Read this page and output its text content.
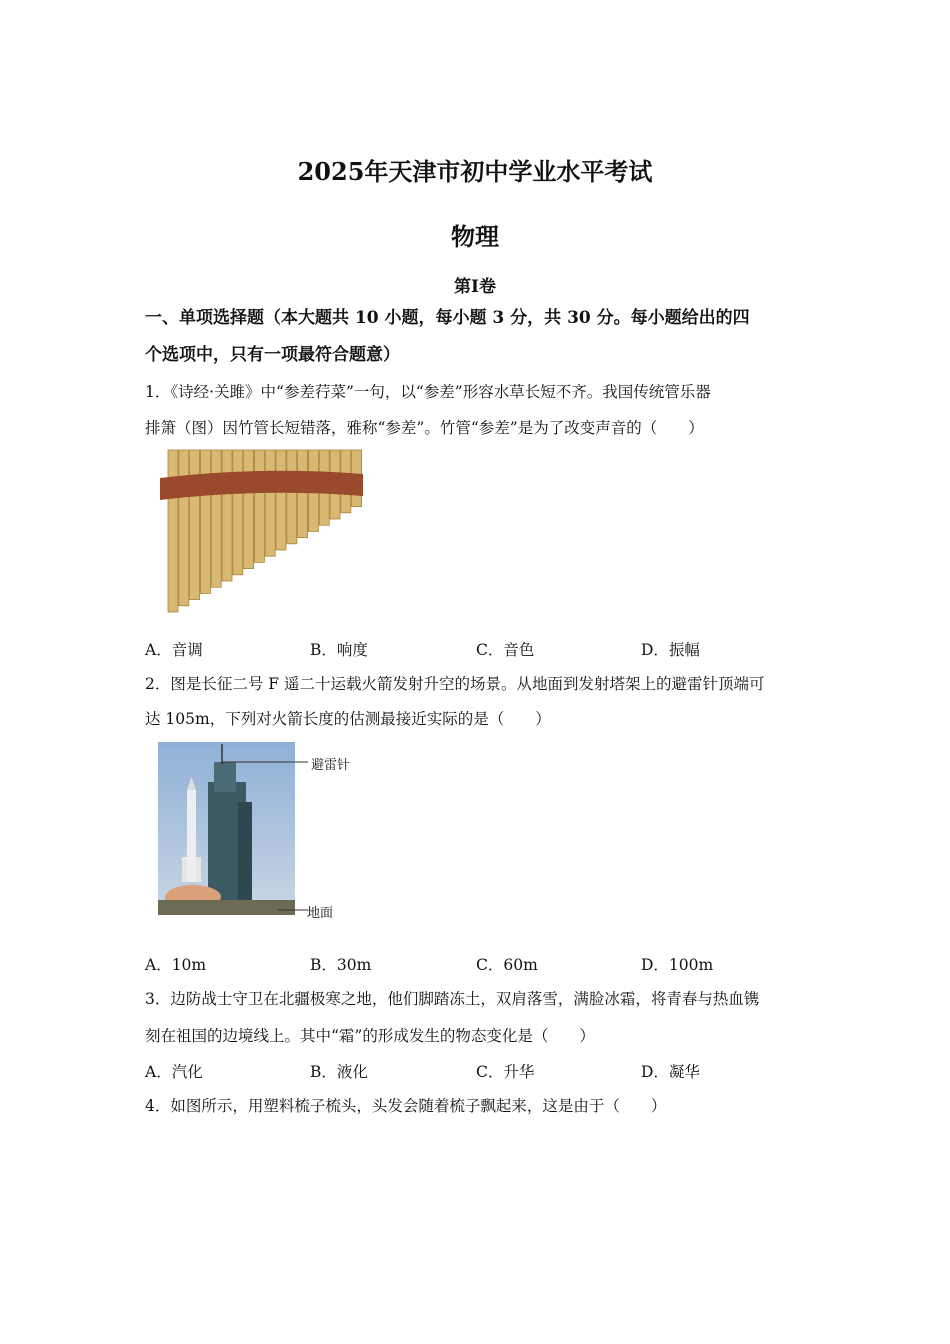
2025年天津市初中学业水平考试
物理
第Ⅰ卷
一、单项选择题（本大题共 10 小题，每小题 3 分，共 30 分。每小题给出的四
个选项中，只有一项最符合题意）
1．《诗经·关雎》中“参差荇菜”一句，以“参差”形容水草长短不齐。我国传统管乐器
排箫（图）因竹管长短错落，雅称“参差”。竹管“参差”是为了改变声音的（　　）
A．音调	B．响度	C．音色	D．振幅
2．图是长征二号 F 遥二十运载火箭发射升空的场景。从地面到发射塔架上的避雷针顶端可
达 105m，下列对火箭长度的估测最接近实际的是（　　）
避雷针
地面
A．10m	B．30m	C．60m	D．100m
3．边防战士守卫在北疆极寒之地，他们脚踏冻土，双肩落雪，满脸冰霜，将青春与热血镌
刻在祖国的边境线上。其中“霜”的形成发生的物态变化是（　　）
A．汽化	B．液化	C．升华	D．凝华
4．如图所示，用塑料梳子梳头，头发会随着梳子飘起来，这是由于（　　）
